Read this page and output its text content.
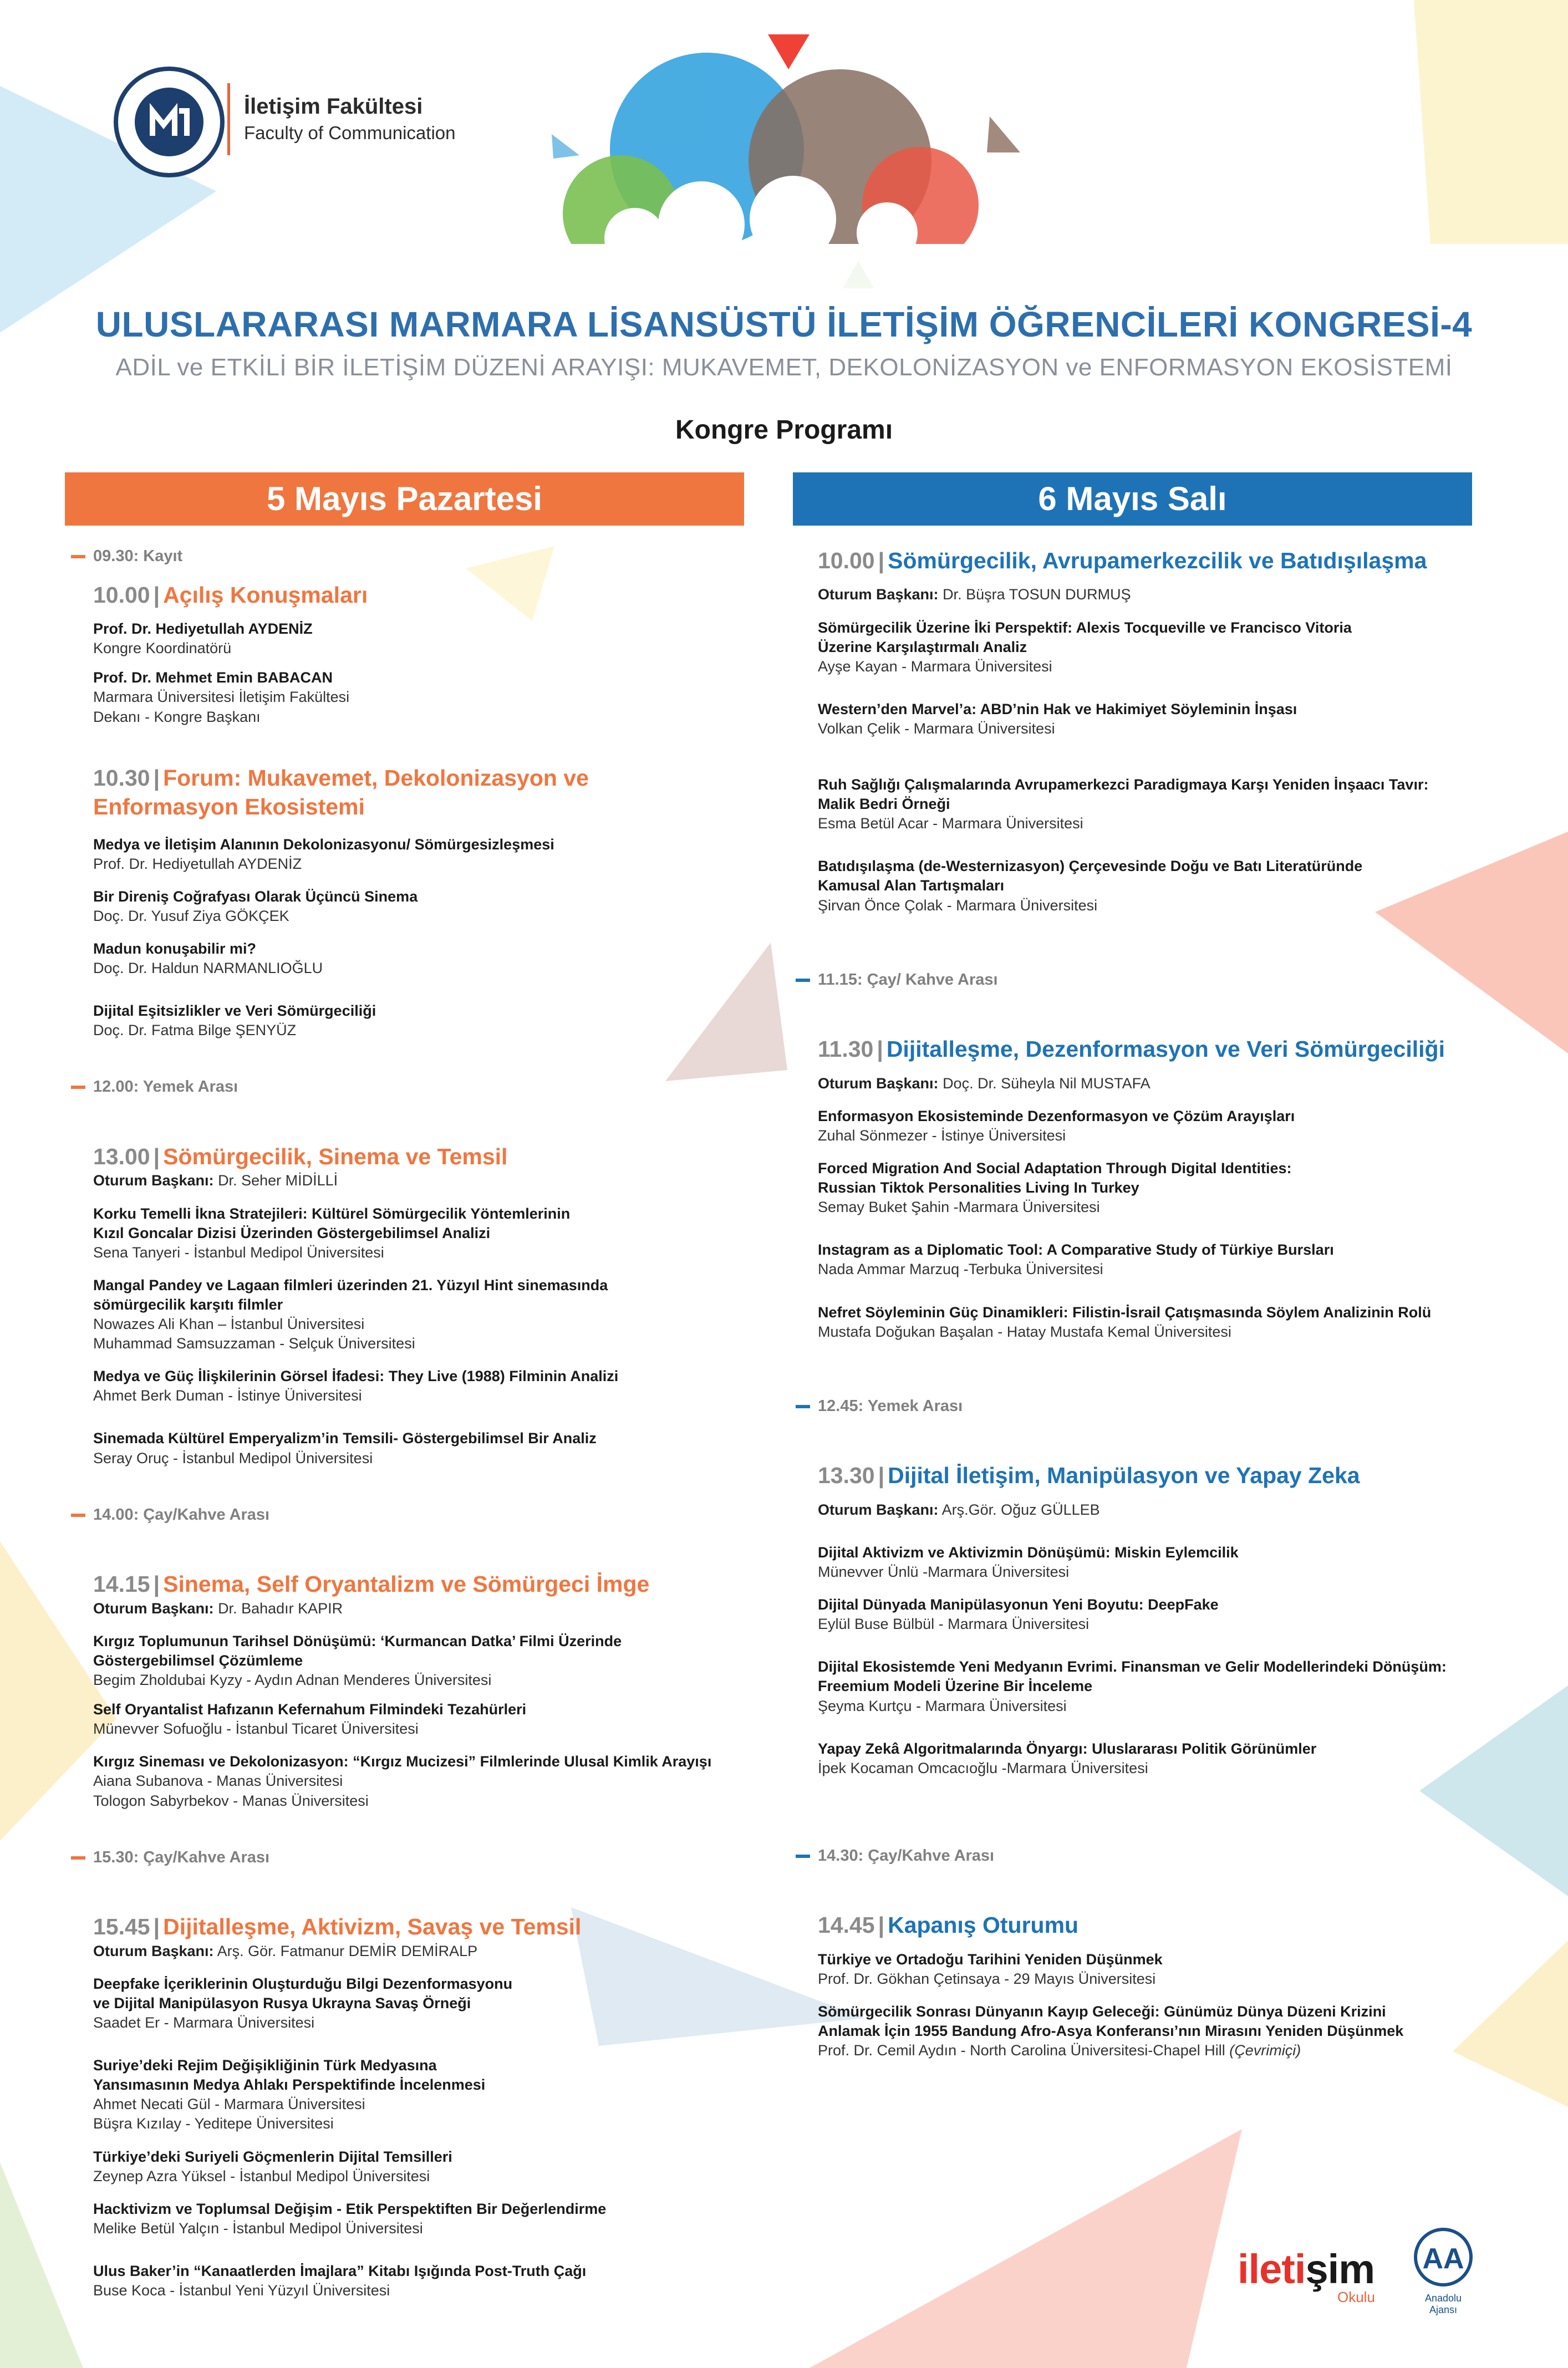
İletişim Fakültesi
Faculty of Communication
ULUSLARARASI MARMARA LİSANSÜSTÜ İLETİŞİM ÖĞRENCİLERİ KONGRESİ-4
ADİL ve ETKİLİ BİR İLETİŞİM DÜZENİ ARAYIŞI: MUKAVEMET, DEKOLONİZASYON ve ENFORMASYON EKOSİSTEMİ
Kongre Programı
5 Mayıs Pazartesi	6 Mayıs Salı
09.30: Kayıt
10.00 | Açılış Konuşmaları
Prof. Dr. Hediyetullah AYDENİZ
Kongre Koordinatörü
Prof. Dr. Mehmet Emin BABACAN
Marmara Üniversitesi İletişim Fakültesi
Dekanı - Kongre Başkanı
10.30 | Forum: Mukavemet, Dekolonizasyon ve
Enformasyon Ekosistemi
Medya ve İletişim Alanının Dekolonizasyonu/ Sömürgesizleşmesi
Prof. Dr. Hediyetullah AYDENİZ
Bir Direniş Coğrafyası Olarak Üçüncü Sinema
Doç. Dr. Yusuf Ziya GÖKÇEK
Madun konuşabilir mi?
Doç. Dr. Haldun NARMANLIOĞLU
Dijital Eşitsizlikler ve Veri Sömürgeciliği
Doç. Dr. Fatma Bilge ŞENYÜZ
12.00: Yemek Arası
13.00 | Sömürgecilik, Sinema ve Temsil
Oturum Başkanı: Dr. Seher MİDİLLİ
Korku Temelli İkna Stratejileri: Kültürel Sömürgecilik Yöntemlerinin
Kızıl Goncalar Dizisi Üzerinden Göstergebilimsel Analizi
Sena Tanyeri - İstanbul Medipol Üniversitesi
Mangal Pandey ve Lagaan filmleri üzerinden 21. Yüzyıl Hint sinemasında
sömürgecilik karşıtı filmler
Nowazes Ali Khan – İstanbul Üniversitesi
Muhammad Samsuzzaman - Selçuk Üniversitesi
Medya ve Güç İlişkilerinin Görsel İfadesi: They Live (1988) Filminin Analizi
Ahmet Berk Duman - İstinye Üniversitesi
Sinemada Kültürel Emperyalizm’in Temsili- Göstergebilimsel Bir Analiz
Seray Oruç - İstanbul Medipol Üniversitesi
14.00: Çay/Kahve Arası
14.15 | Sinema, Self Oryantalizm ve Sömürgeci İmge
Oturum Başkanı: Dr. Bahadır KAPIR
Kırgız Toplumunun Tarihsel Dönüşümü: ‘Kurmancan Datka’ Filmi Üzerinde
Göstergebilimsel Çözümleme
Begim Zholdubai Kyzy - Aydın Adnan Menderes Üniversitesi
Self Oryantalist Hafızanın Kefernahum Filmindeki Tezahürleri
Münevver Sofuoğlu - İstanbul Ticaret Üniversitesi
Kırgız Sineması ve Dekolonizasyon: “Kırgız Mucizesi” Filmlerinde Ulusal Kimlik Arayışı
Aiana Subanova - Manas Üniversitesi
Tologon Sabyrbekov - Manas Üniversitesi
15.30: Çay/Kahve Arası
15.45 | Dijitalleşme, Aktivizm, Savaş ve Temsil
Oturum Başkanı: Arş. Gör. Fatmanur DEMİR DEMİRALP
Deepfake İçeriklerinin Oluşturduğu Bilgi Dezenformasyonu
ve Dijital Manipülasyon Rusya Ukrayna Savaş Örneği
Saadet Er - Marmara Üniversitesi
Suriye’deki Rejim Değişikliğinin Türk Medyasına
Yansımasının Medya Ahlakı Perspektifinde İncelenmesi
Ahmet Necati Gül - Marmara Üniversitesi
Büşra Kızılay - Yeditepe Üniversitesi
Türkiye’deki Suriyeli Göçmenlerin Dijital Temsilleri
Zeynep Azra Yüksel - İstanbul Medipol Üniversitesi
Hacktivizm ve Toplumsal Değişim - Etik Perspektiften Bir Değerlendirme
Melike Betül Yalçın - İstanbul Medipol Üniversitesi
Ulus Baker’in “Kanaatlerden İmajlara” Kitabı Işığında Post-Truth Çağı
Buse Koca - İstanbul Yeni Yüzyıl Üniversitesi
10.00 | Sömürgecilik, Avrupamerkezcilik ve Batıdışılaşma
Oturum Başkanı: Dr. Büşra TOSUN DURMUŞ
Sömürgecilik Üzerine İki Perspektif: Alexis Tocqueville ve Francisco Vitoria
Üzerine Karşılaştırmalı Analiz
Ayşe Kayan - Marmara Üniversitesi
Western’den Marvel’a: ABD’nin Hak ve Hakimiyet Söyleminin İnşası
Volkan Çelik - Marmara Üniversitesi
Ruh Sağlığı Çalışmalarında Avrupamerkezci Paradigmaya Karşı Yeniden İnşaacı Tavır:
Malik Bedri Örneği
Esma Betül Acar - Marmara Üniversitesi
Batıdışılaşma (de-Westernizasyon) Çerçevesinde Doğu ve Batı Literatüründe
Kamusal Alan Tartışmaları
Şirvan Önce Çolak - Marmara Üniversitesi
11.15: Çay/ Kahve Arası
11.30 | Dijitalleşme, Dezenformasyon ve Veri Sömürgeciliği
Oturum Başkanı: Doç. Dr. Süheyla Nil MUSTAFA
Enformasyon Ekosisteminde Dezenformasyon ve Çözüm Arayışları
Zuhal Sönmezer - İstinye Üniversitesi
Forced Migration And Social Adaptation Through Digital Identities:
Russian Tiktok Personalities Living In Turkey
Semay Buket Şahin -Marmara Üniversitesi
Instagram as a Diplomatic Tool: A Comparative Study of Türkiye Bursları
Nada Ammar Marzuq -Terbuka Üniversitesi
Nefret Söyleminin Güç Dinamikleri: Filistin-İsrail Çatışmasında Söylem Analizinin Rolü
Mustafa Doğukan Başalan - Hatay Mustafa Kemal Üniversitesi
12.45: Yemek Arası
13.30 | Dijital İletişim, Manipülasyon ve Yapay Zeka
Oturum Başkanı: Arş.Gör. Oğuz GÜLLEB
Dijital Aktivizm ve Aktivizmin Dönüşümü: Miskin Eylemcilik
Münevver Ünlü -Marmara Üniversitesi
Dijital Dünyada Manipülasyonun Yeni Boyutu: DeepFake
Eylül Buse Bülbül - Marmara Üniversitesi
Dijital Ekosistemde Yeni Medyanın Evrimi. Finansman ve Gelir Modellerindeki Dönüşüm:
Freemium Modeli Üzerine Bir İnceleme
Şeyma Kurtçu - Marmara Üniversitesi
Yapay Zekâ Algoritmalarında Önyargı: Uluslararası Politik Görünümler
İpek Kocaman Omcacıoğlu -Marmara Üniversitesi
14.30: Çay/Kahve Arası
14.45 | Kapanış Oturumu
Türkiye ve Ortadoğu Tarihini Yeniden Düşünmek
Prof. Dr. Gökhan Çetinsaya - 29 Mayıs Üniversitesi
Sömürgecilik Sonrası Dünyanın Kayıp Geleceği: Günümüz Dünya Düzeni Krizini
Anlamak İçin 1955 Bandung Afro-Asya Konferansı’nın Mirasını Yeniden Düşünmek
Prof. Dr. Cemil Aydın - North Carolina Üniversitesi-Chapel Hill (Çevrimiçi)
iletişim
Okulu
AA
Anadolu Ajansı
